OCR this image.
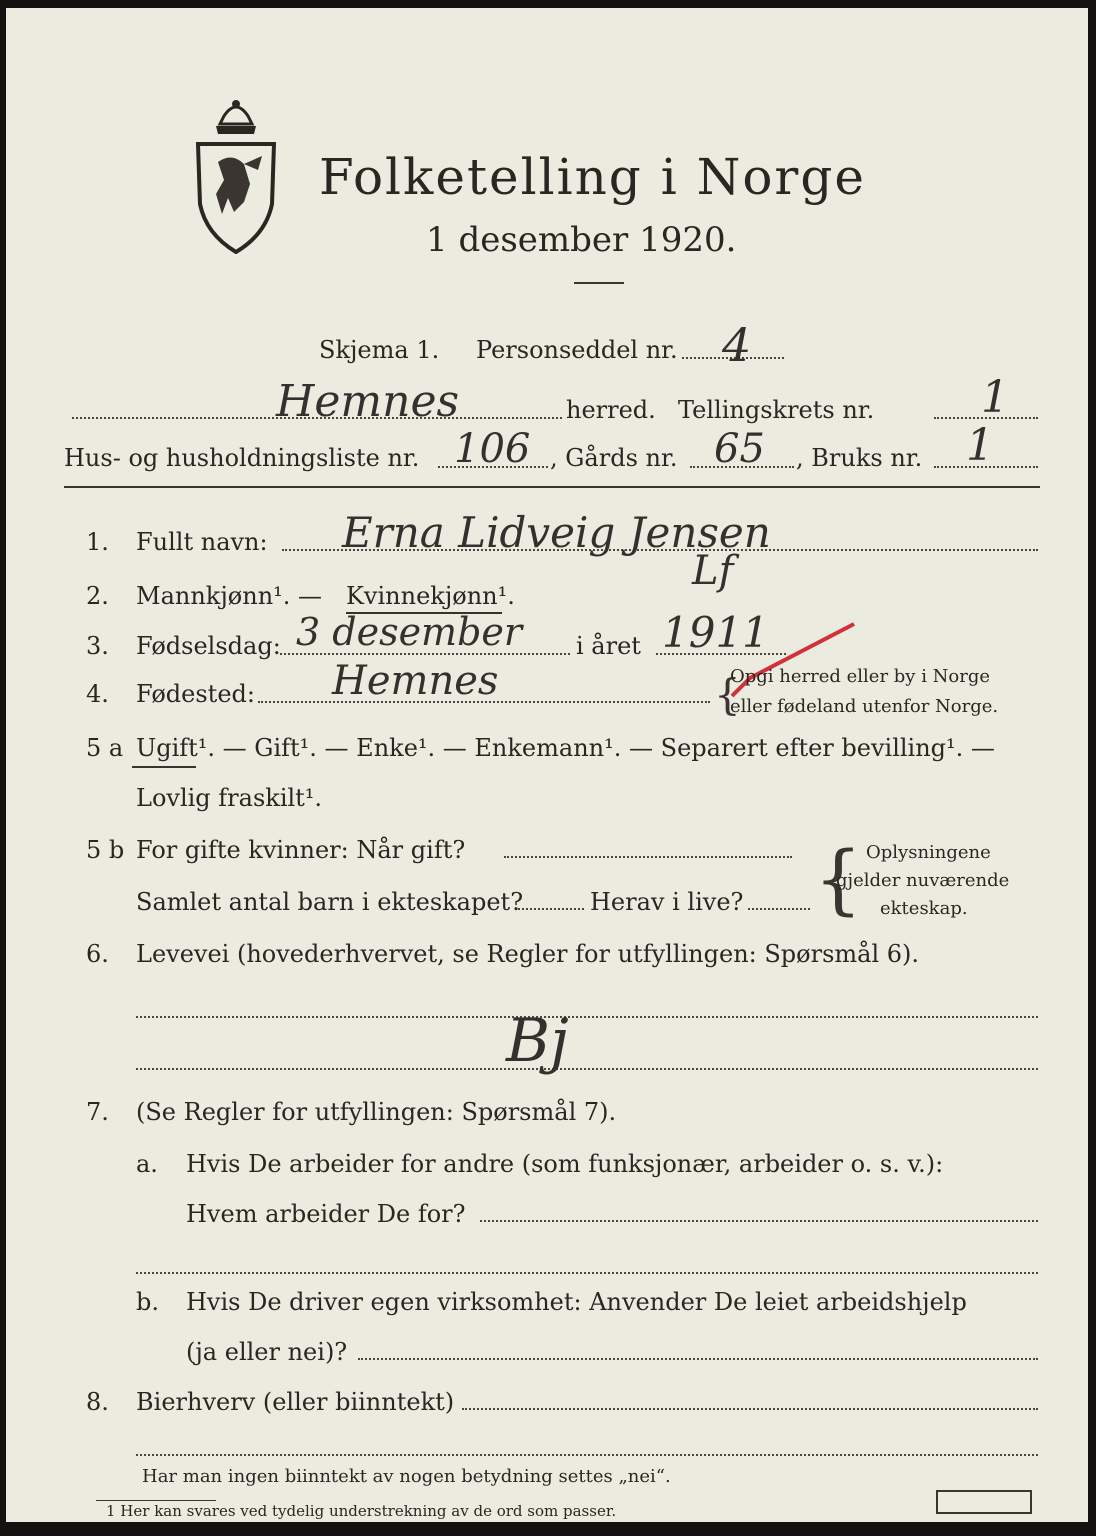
Folketelling i Norge
1 desember 1920.
Skjema 1. Personseddel nr. 4
Hemnes	herred. Tellingskrets nr. 1
Hus- og husholdningsliste nr. 106 , Gårds nr. 65 , Bruks nr. 1
1. Fullt navn: Erna Lidveig Jensen
2. Mannkjønn¹. — Kvinnekjønn¹.
Lf
3. Fødselsdag: 3 desember i året 1911
4. Fødested: Hemnes	{
Opgi herred eller by i Norge
eller fødeland utenfor Norge.
5 a Ugift¹. — Gift¹. — Enke¹. — Enkemann¹. — Separert efter bevilling¹. —
Lovlig fraskilt¹.
5 b For gifte kvinner: Når gift?
Samlet antal barn i ekteskapet?	Herav i live? { Oplysningene
gjelder nuværende
ekteskap.
6. Levevei (hovederhvervet, se Regler for utfyllingen: Spørsmål 6).
Bj
7. (Se Regler for utfyllingen: Spørsmål 7).
a. Hvis De arbeider for andre (som funksjonær, arbeider o. s. v.):
Hvem arbeider De for?
b. Hvis De driver egen virksomhet: Anvender De leiet arbeidshjelp
(ja eller nei)?
8. Bierhverv (eller biinntekt)
Har man ingen biinntekt av nogen betydning settes „nei“.
1 Her kan svares ved tydelig understrekning av de ord som passer.
